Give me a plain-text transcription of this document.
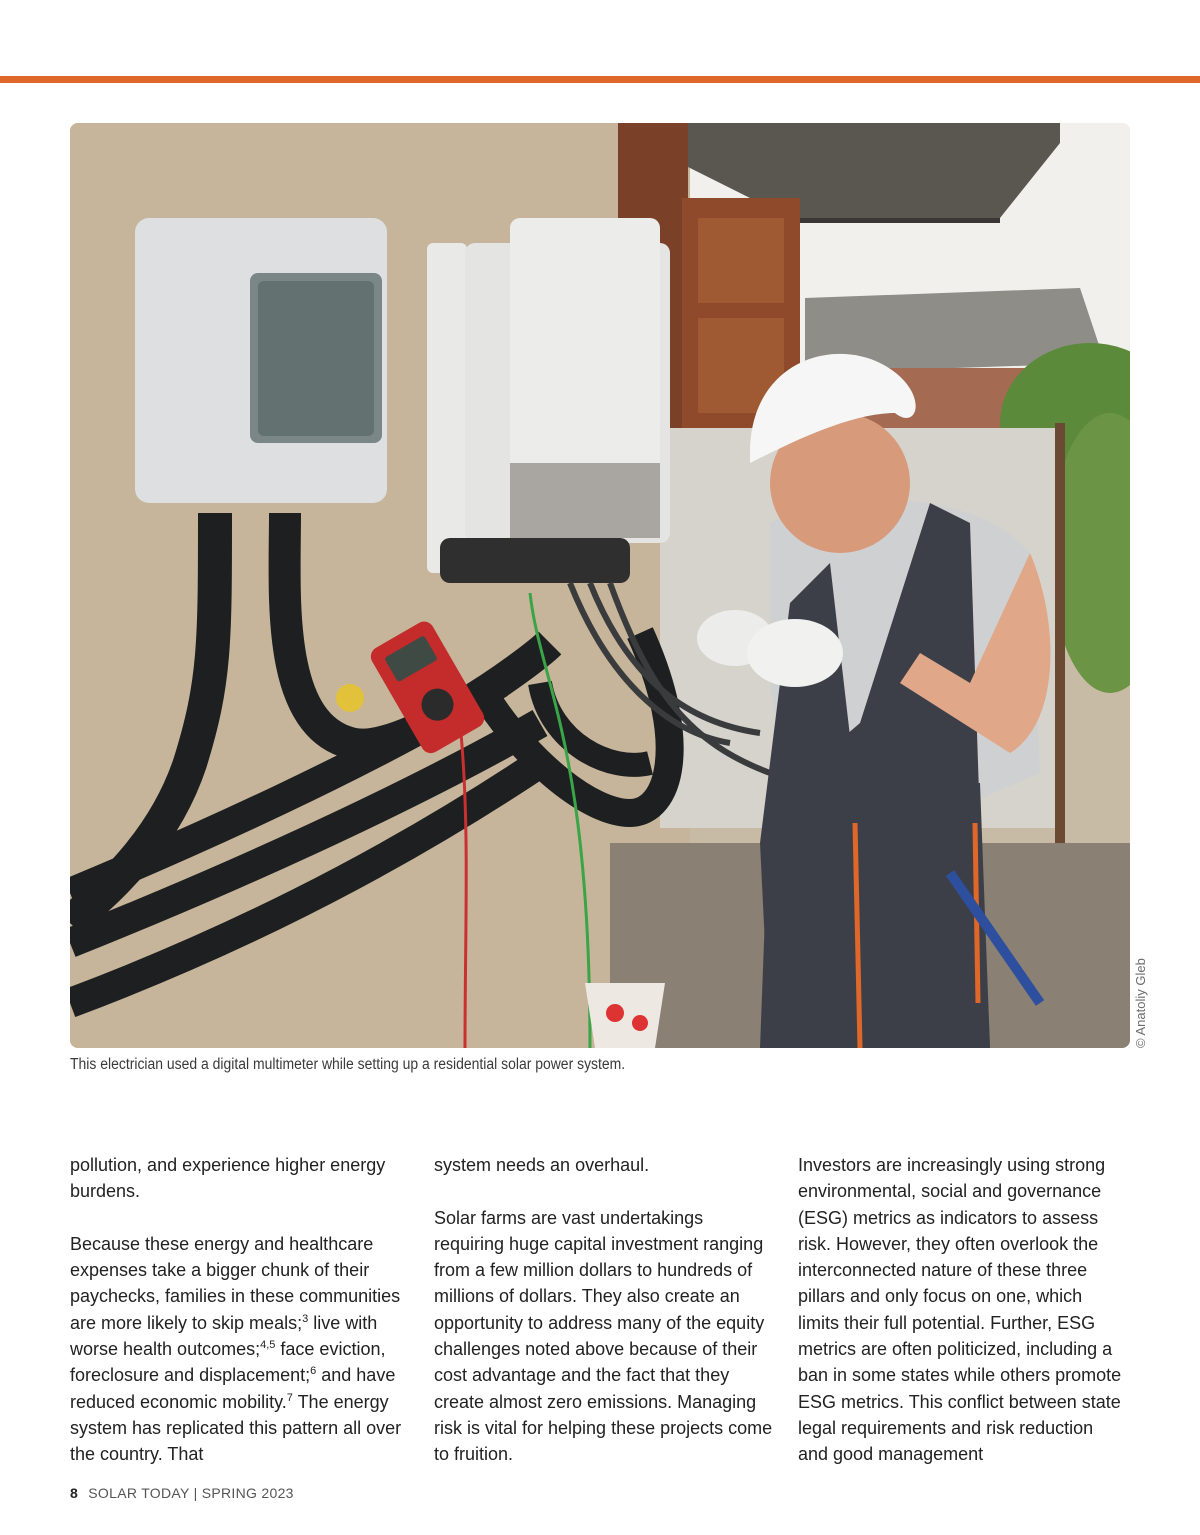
© Anatoliy Gleb
This electrician used a digital multimeter while setting up a residential solar power system.

pollution, and experience higher energy burdens.

Because these energy and healthcare expenses take a bigger chunk of their paychecks, families in these communities are more likely to skip meals;$^3$ live with worse health outcomes;$^{4,5}$ face eviction, foreclosure and displacement;$^6$ and have reduced economic mobility.$^7$ The energy system has replicated this pattern all over the country. That

system needs an overhaul.

Solar farms are vast undertakings requiring huge capital investment ranging from a few million dollars to hundreds of millions of dollars. They also create an opportunity to address many of the equity challenges noted above because of their cost advantage and the fact that they create almost zero emissions. Managing risk is vital for helping these projects come to fruition.

Investors are increasingly using strong environmental, social and governance (ESG) metrics as indicators to assess risk. However, they often overlook the interconnected nature of these three pillars and only focus on one, which limits their full potential. Further, ESG metrics are often politicized, including a ban in some states while others promote ESG metrics. This conflict between state legal requirements and risk reduction and good management

8 SOLAR TODAY | SPRING 2023
